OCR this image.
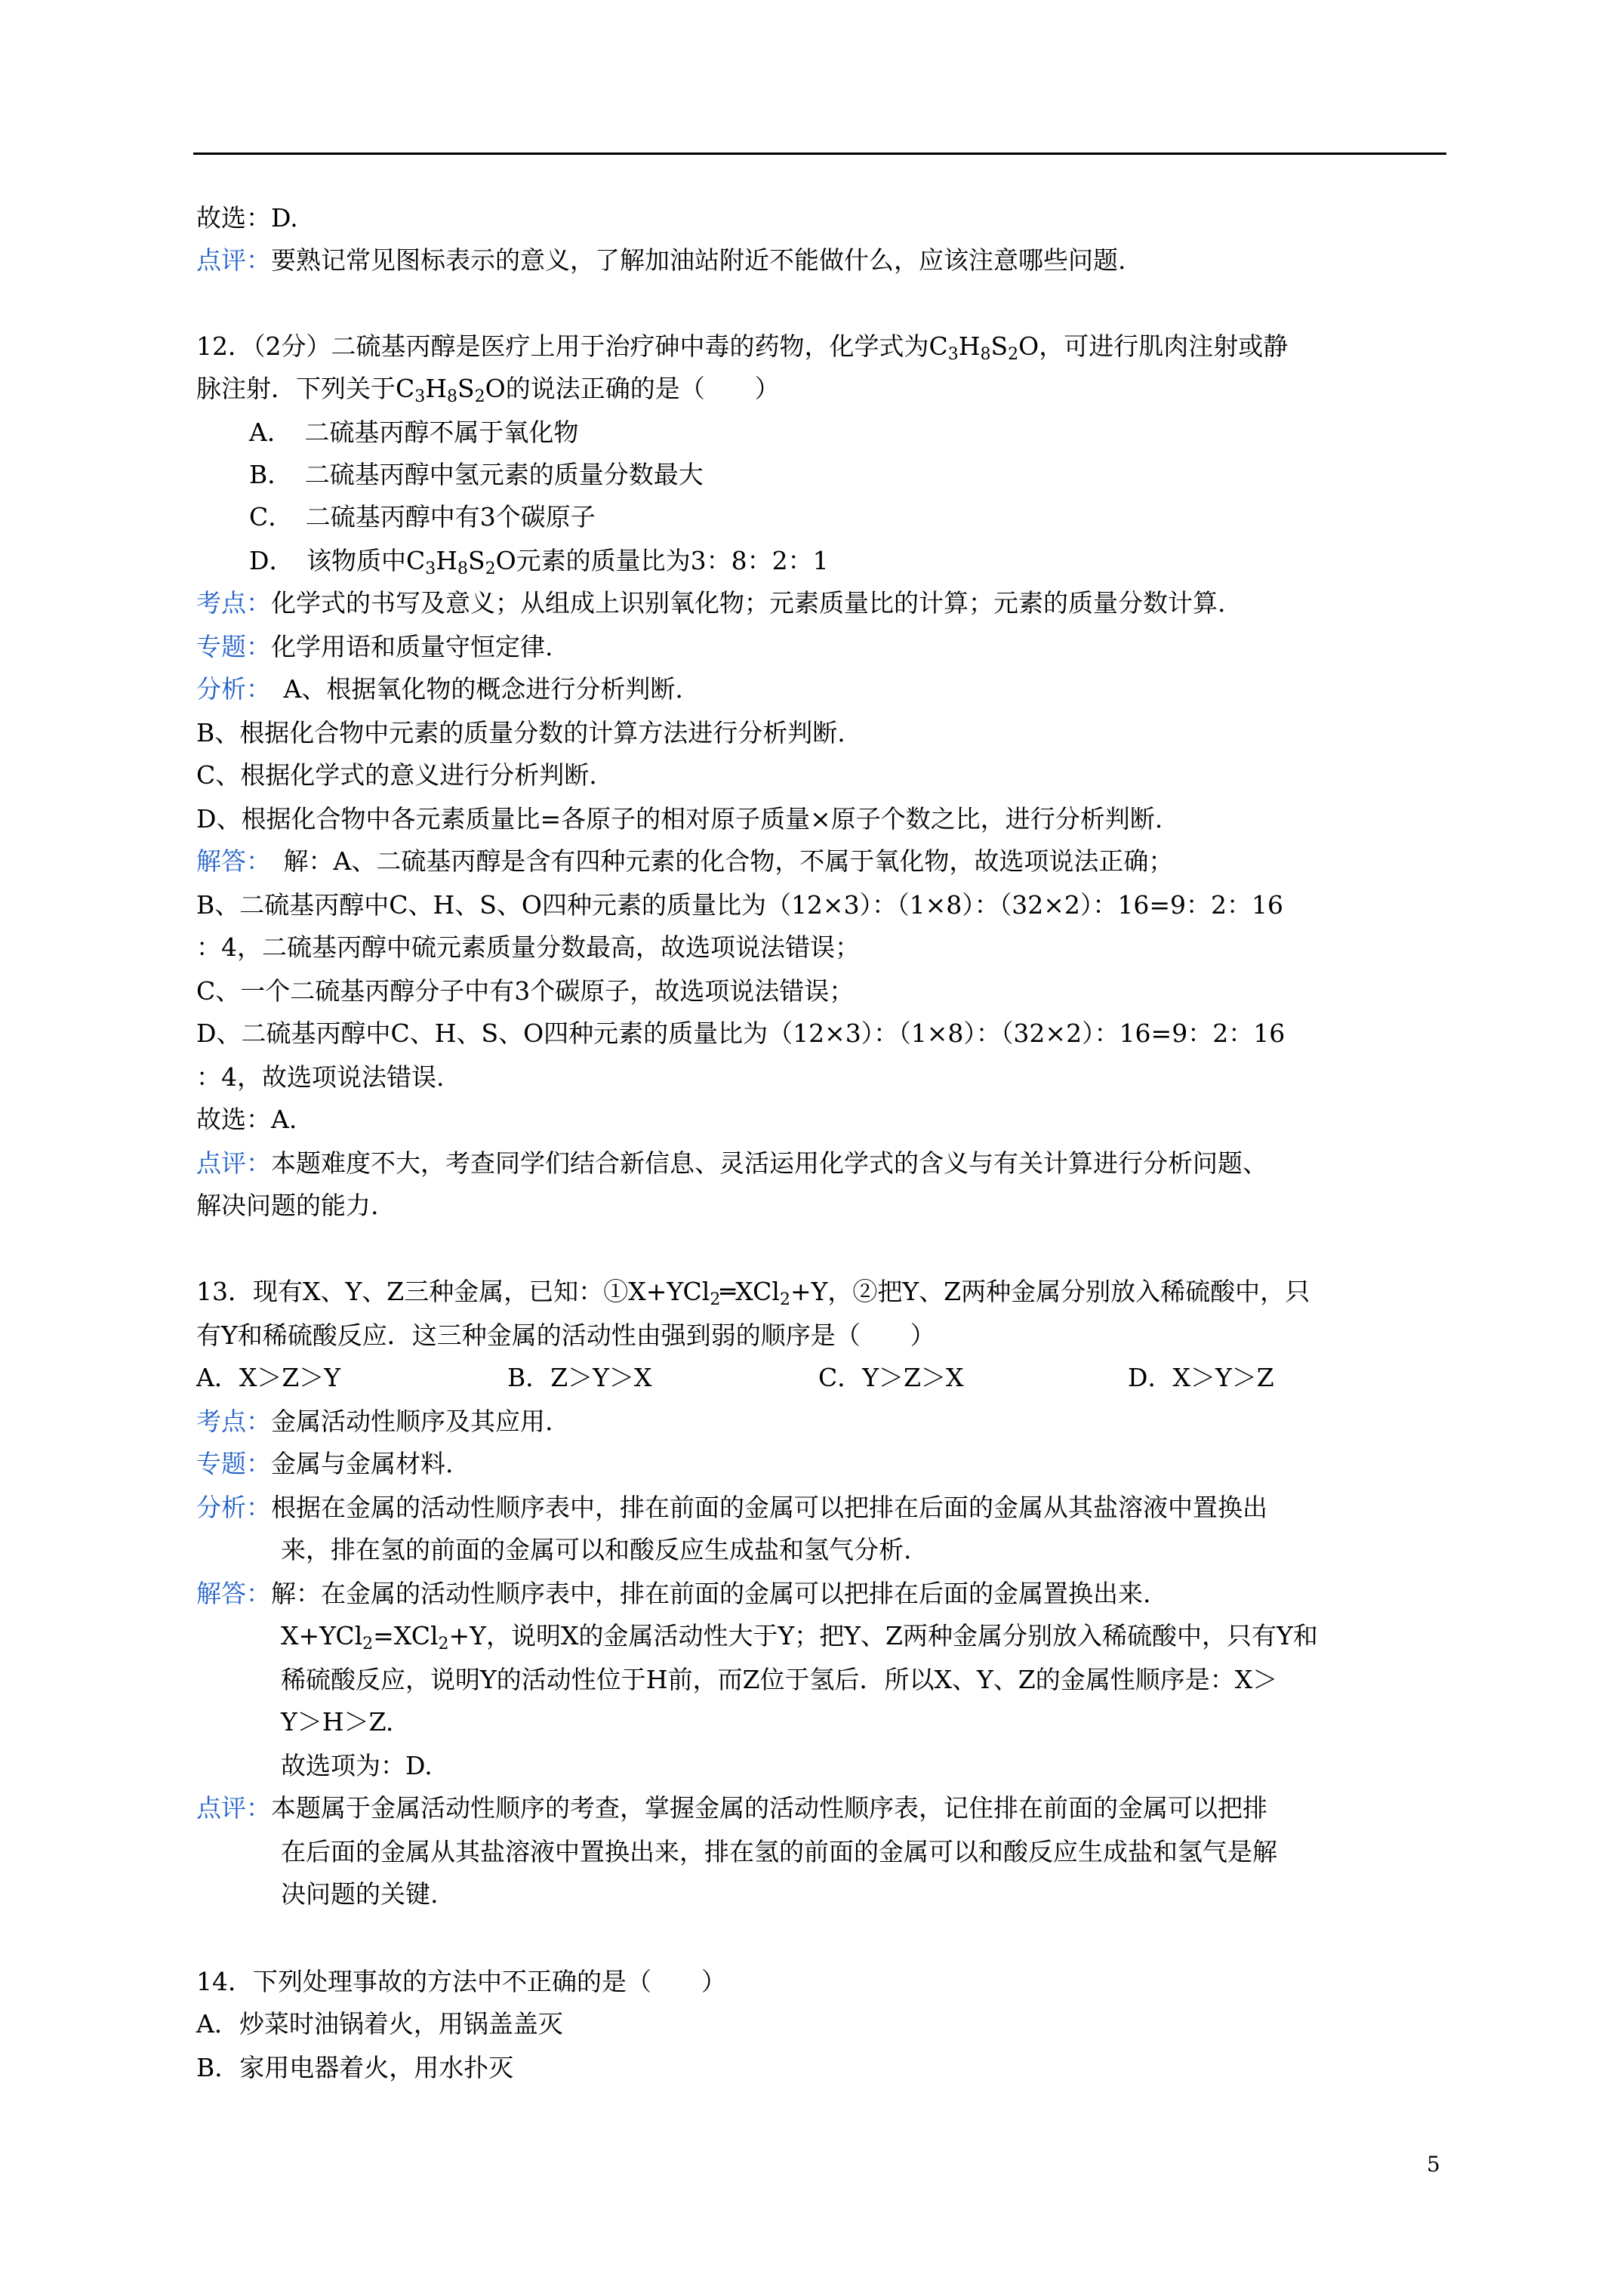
故选：D.
点评：要熟记常见图标表示的意义，了解加油站附近不能做什么，应该注意哪些问题.
12．（2分）二硫基丙醇是医疗上用于治疗砷中毒的药物，化学式为$C_3H_8S_2O$，可进行肌肉注射或静
脉注射．下列关于$C_3H_8S_2O$的说法正确的是（　　）
A．　 二硫基丙醇不属于氧化物
B．　 二硫基丙醇中氢元素的质量分数最大
C．　 二硫基丙醇中有3个碳原子
D．　 该物质中$C_3H_8S_2O$元素的质量比为3：8：2：1
考点：化学式的书写及意义；从组成上识别氧化物；元素质量比的计算；元素的质量分数计算.
专题：化学用语和质量守恒定律.
分析：　A、根据氧化物的概念进行分析判断.
B、根据化合物中元素的质量分数的计算方法进行分析判断.
C、根据化学式的意义进行分析判断.
D、根据化合物中各元素质量比=各原子的相对原子质量×原子个数之比，进行分析判断.
解答：　解：A、二硫基丙醇是含有四种元素的化合物，不属于氧化物，故选项说法正确；
B、二硫基丙醇中C、H、S、O四种元素的质量比为（12×3）：（1×8）：（32×2）：16=9：2：16
：4，二硫基丙醇中硫元素质量分数最高，故选项说法错误；
C、一个二硫基丙醇分子中有3个碳原子，故选项说法错误；
D、二硫基丙醇中C、H、S、O四种元素的质量比为（12×3）：（1×8）：（32×2）：16=9：2：16
：4，故选项说法错误.
故选：A.
点评：本题难度不大，考查同学们结合新信息、灵活运用化学式的含义与有关计算进行分析问题、
解决问题的能力.
13．现有X、Y、Z三种金属，已知：①X+YCl$_2$═XCl$_2$+Y，②把Y、Z两种金属分别放入稀硫酸中，只
有Y和稀硫酸反应．这三种金属的活动性由强到弱的顺序是（　　）
A．X＞Z＞Y	B．Z＞Y＞X	C．Y＞Z＞X	D．X＞Y＞Z
考点：金属活动性顺序及其应用.
专题：金属与金属材料.
分析：根据在金属的活动性顺序表中，排在前面的金属可以把排在后面的金属从其盐溶液中置换出
来，排在氢的前面的金属可以和酸反应生成盐和氢气分析.
解答：解：在金属的活动性顺序表中，排在前面的金属可以把排在后面的金属置换出来.
X+YCl$_2$=XCl$_2$+Y，说明X的金属活动性大于Y；把Y、Z两种金属分别放入稀硫酸中，只有Y和
稀硫酸反应，说明Y的活动性位于H前，而Z位于氢后．所以X、Y、Z的金属性顺序是：X＞
Y＞H＞Z.
故选项为：D.
点评：本题属于金属活动性顺序的考查，掌握金属的活动性顺序表，记住排在前面的金属可以把排
在后面的金属从其盐溶液中置换出来，排在氢的前面的金属可以和酸反应生成盐和氢气是解
决问题的关键.
14．下列处理事故的方法中不正确的是（　　）
A．炒菜时油锅着火，用锅盖盖灭
B．家用电器着火，用水扑灭
5
